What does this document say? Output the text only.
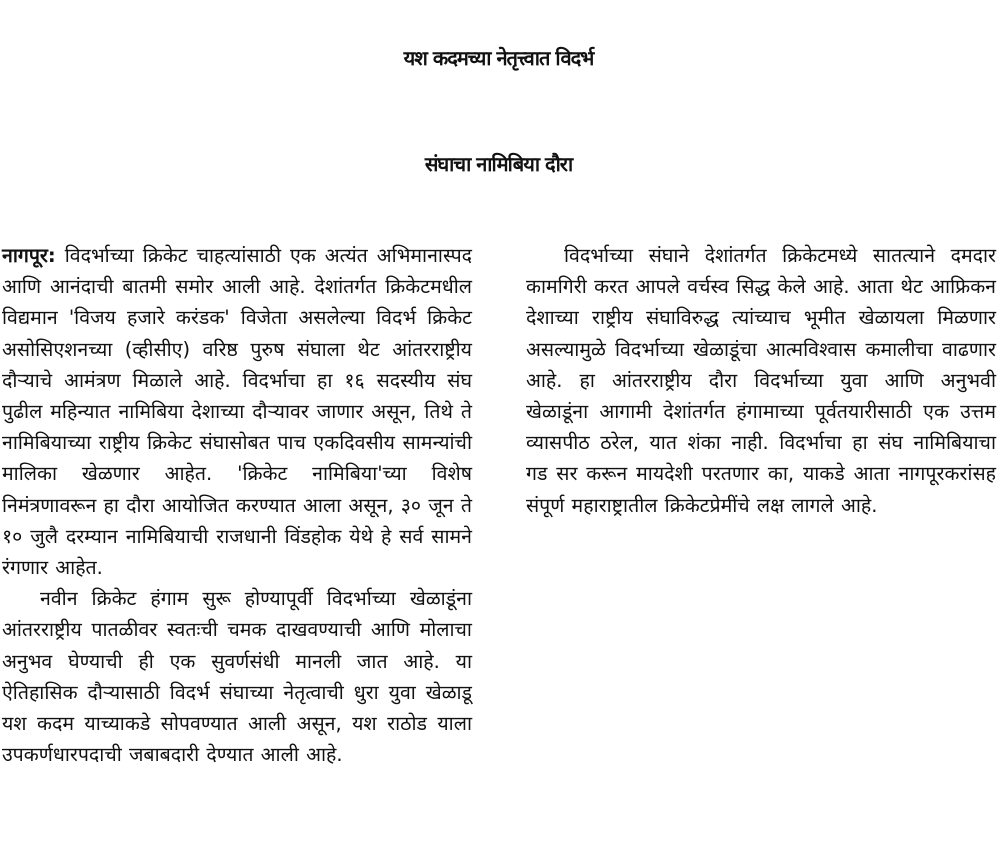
यश कदमच्या नेतृत्त्वात विदर्भ
संघाचा नामिबिया दौरा

नागपूर: विदर्भाच्या क्रिकेट चाहत्यांसाठी एक अत्यंत अभिमानास्पद आणि आनंदाची बातमी समोर आली आहे. देशांतर्गत क्रिकेटमधील विद्यमान 'विजय हजारे करंडक' विजेता असलेल्या विदर्भ क्रिकेट असोसिएशनच्या (व्हीसीए) वरिष्ठ पुरुष संघाला थेट आंतरराष्ट्रीय दौऱ्याचे आमंत्रण मिळाले आहे. विदर्भाचा हा १६ सदस्यीय संघ पुढील महिन्यात नामिबिया देशाच्या दौऱ्यावर जाणार असून, तिथे ते नामिबियाच्या राष्ट्रीय क्रिकेट संघासोबत पाच एकदिवसीय सामन्यांची मालिका खेळणार आहेत. 'क्रिकेट नामिबिया'च्या विशेष निमंत्रणावरून हा दौरा आयोजित करण्यात आला असून, ३० जून ते १० जुलै दरम्यान नामिबियाची राजधानी विंडहोक येथे हे सर्व सामने रंगणार आहेत.

नवीन क्रिकेट हंगाम सुरू होण्यापूर्वी विदर्भाच्या खेळाडूंना आंतरराष्ट्रीय पातळीवर स्वतःची चमक दाखवण्याची आणि मोलाचा अनुभव घेण्याची ही एक सुवर्णसंधी मानली जात आहे. या ऐतिहासिक दौऱ्यासाठी विदर्भ संघाच्या नेतृत्वाची धुरा युवा खेळाडू यश कदम याच्याकडे सोपवण्यात आली असून, यश राठोड याला उपकर्णधारपदाची जबाबदारी देण्यात आली आहे.

विदर्भाच्या संघाने देशांतर्गत क्रिकेटमध्ये सातत्याने दमदार कामगिरी करत आपले वर्चस्व सिद्ध केले आहे. आता थेट आफ्रिकन देशाच्या राष्ट्रीय संघाविरुद्ध त्यांच्याच भूमीत खेळायला मिळणार असल्यामुळे विदर्भाच्या खेळाडूंचा आत्मविश्वास कमालीचा वाढणार आहे. हा आंतरराष्ट्रीय दौरा विदर्भाच्या युवा आणि अनुभवी खेळाडूंना आगामी देशांतर्गत हंगामाच्या पूर्वतयारीसाठी एक उत्तम व्यासपीठ ठरेल, यात शंका नाही. विदर्भाचा हा संघ नामिबियाचा गड सर करून मायदेशी परतणार का, याकडे आता नागपूरकरांसह संपूर्ण महाराष्ट्रातील क्रिकेटप्रेमींचे लक्ष लागले आहे.
